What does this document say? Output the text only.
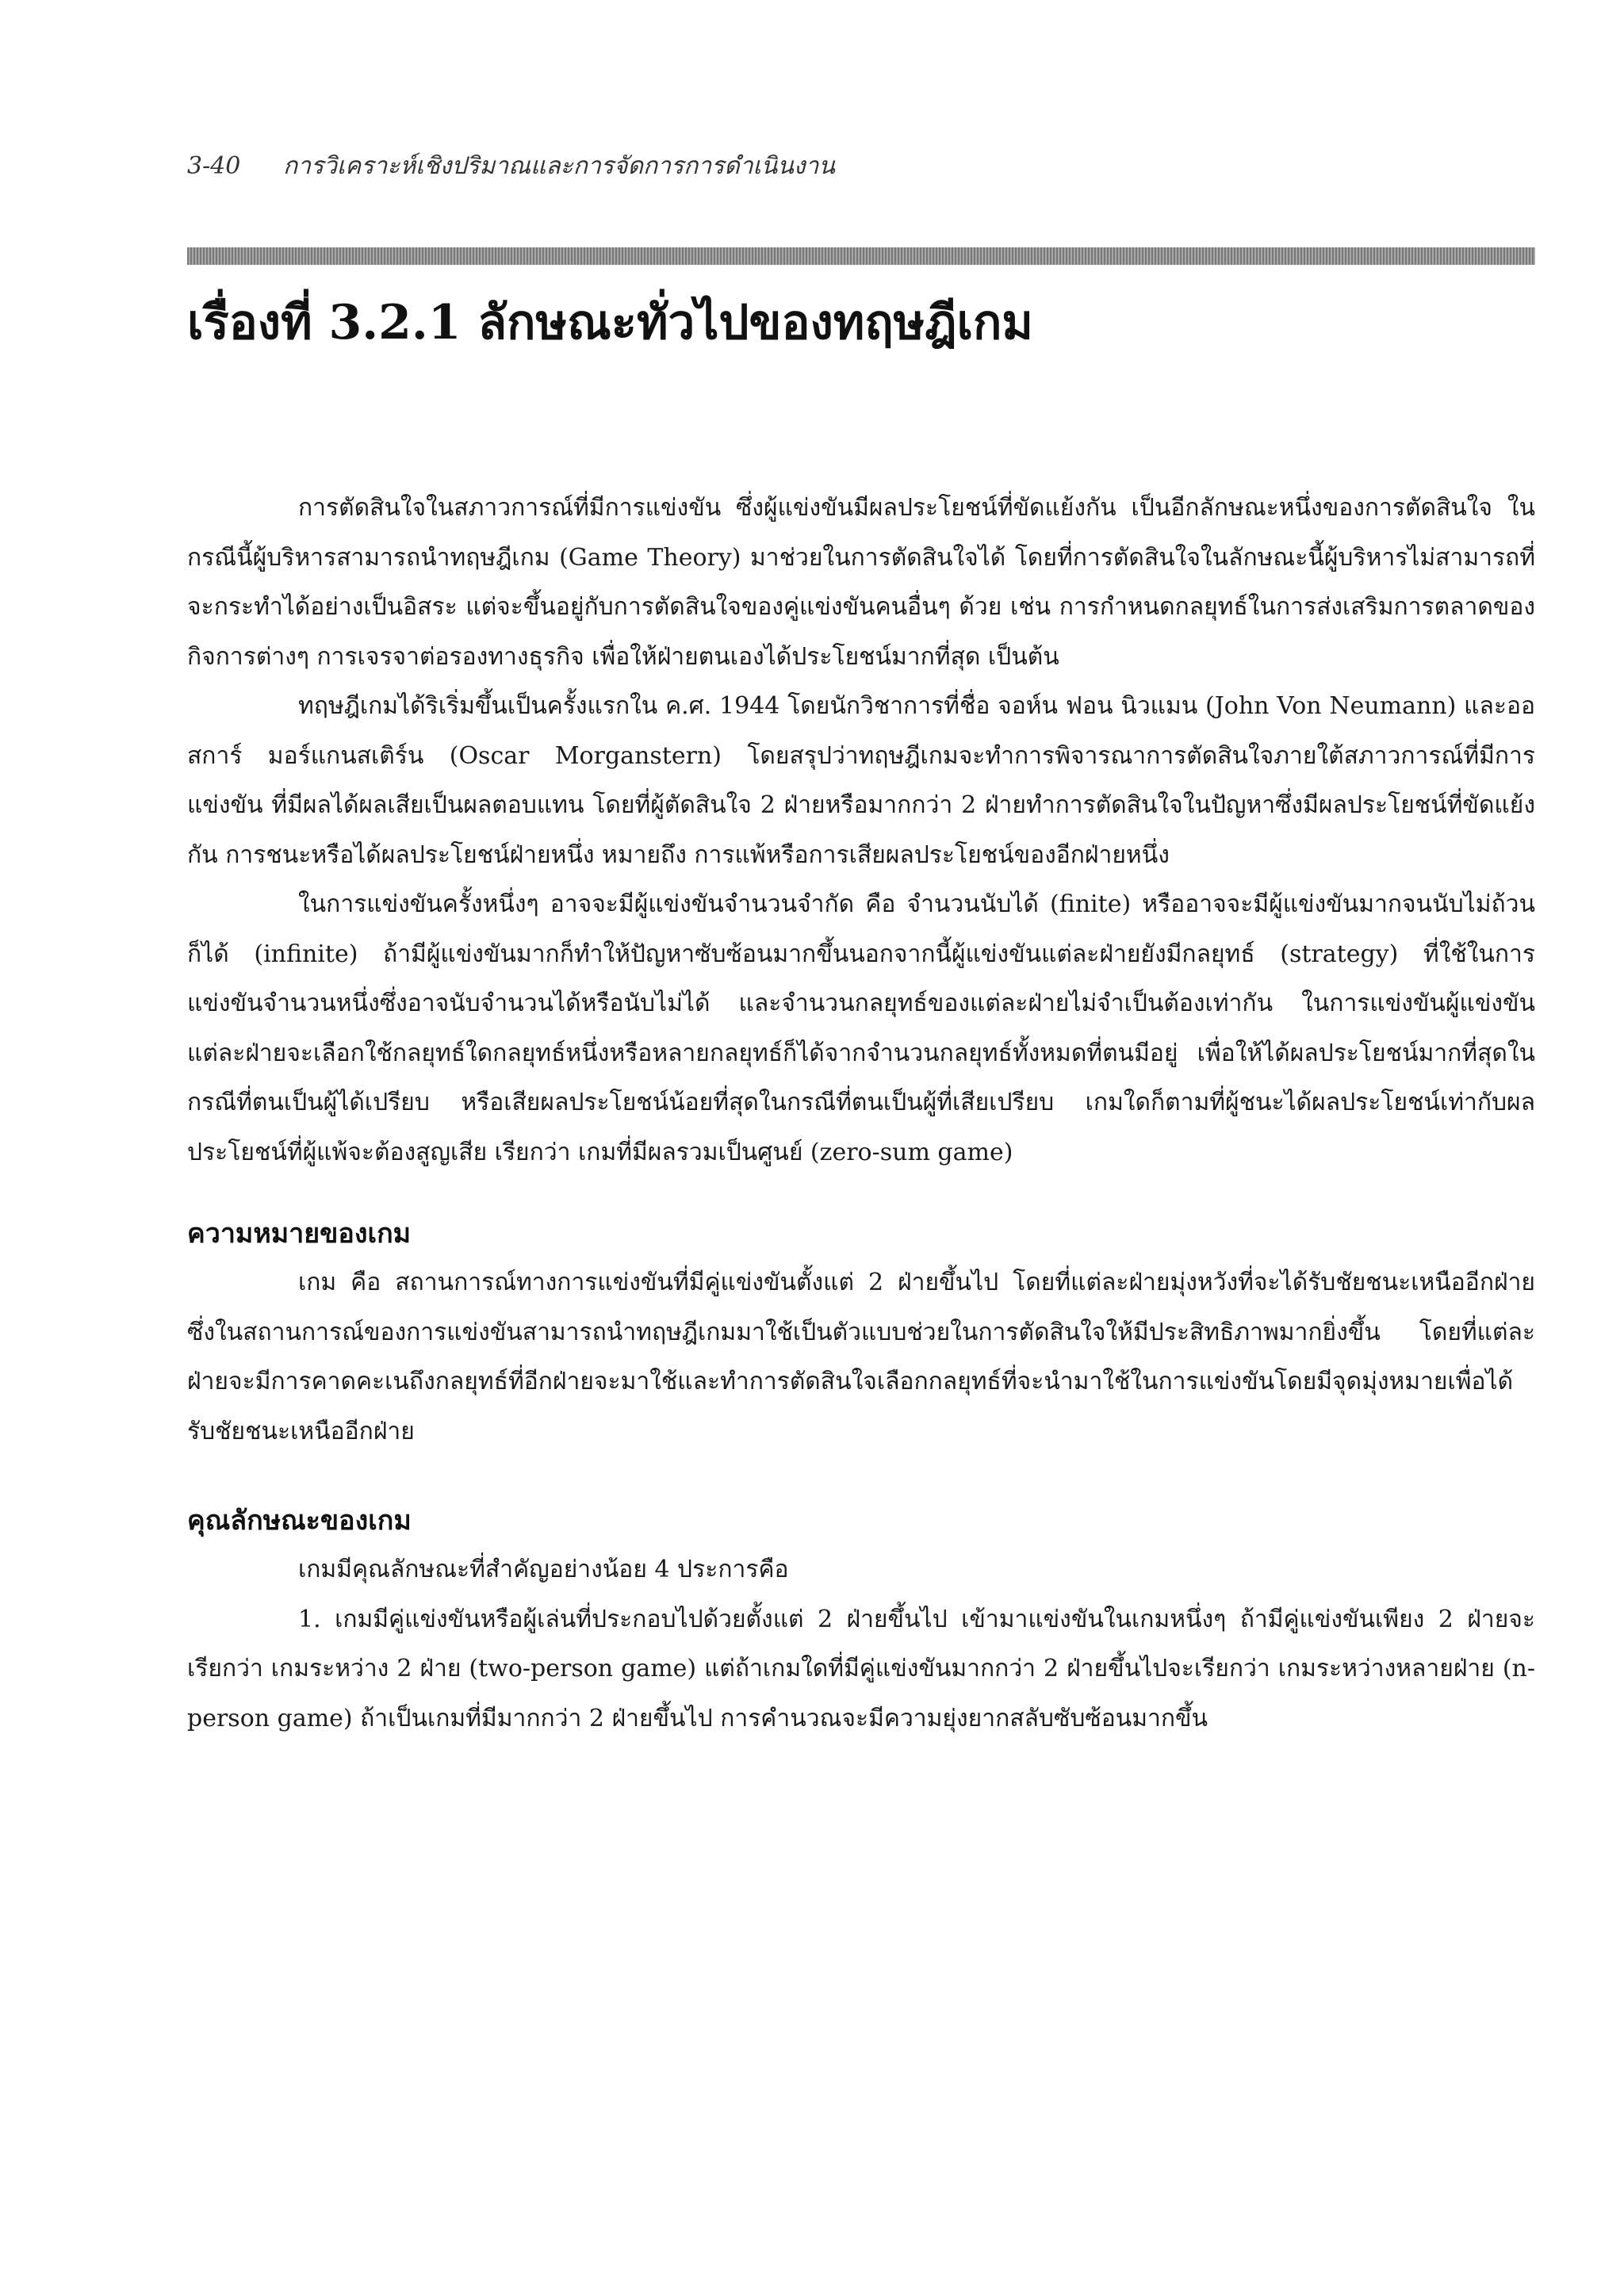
3-40 การวิเคราะห์เชิงปริมาณและการจัดการการดำเนินงาน
เรื่องที่ 3.2.1 ลักษณะทั่วไปของทฤษฎีเกม

การตัดสินใจในสภาวการณ์ที่มีการแข่งขัน ซึ่งผู้แข่งขันมีผลประโยชน์ที่ขัดแย้งกัน เป็นอีกลักษณะหนึ่งของการตัดสินใจ ในกรณีนี้ผู้บริหารสามารถนำทฤษฎีเกม (Game Theory) มาช่วยในการตัดสินใจได้ โดยที่การตัดสินใจในลักษณะนี้ผู้บริหารไม่สามารถที่จะกระทำได้อย่างเป็นอิสระ แต่จะขึ้นอยู่กับการตัดสินใจของคู่แข่งขันคนอื่นๆ ด้วย เช่น การกำหนดกลยุทธ์ในการส่งเสริมการตลาดของกิจการต่างๆ การเจรจาต่อรองทางธุรกิจ เพื่อให้ฝ่ายตนเองได้ประโยชน์มากที่สุด เป็นต้น

ทฤษฎีเกมได้ริเริ่มขึ้นเป็นครั้งแรกใน ค.ศ. 1944 โดยนักวิชาการที่ชื่อ จอห์น ฟอน นิวแมน (John Von Neumann) และออสการ์ มอร์แกนสเติร์น (Oscar Morganstern) โดยสรุปว่าทฤษฎีเกมจะทำการพิจารณาการตัดสินใจภายใต้สภาวการณ์ที่มีการแข่งขัน ที่มีผลได้ผลเสียเป็นผลตอบแทน โดยที่ผู้ตัดสินใจ 2 ฝ่ายหรือมากกว่า 2 ฝ่ายทำการตัดสินใจในปัญหาซึ่งมีผลประโยชน์ที่ขัดแย้งกัน การชนะหรือได้ผลประโยชน์ฝ่ายหนึ่ง หมายถึง การแพ้หรือการเสียผลประโยชน์ของอีกฝ่ายหนึ่ง

ในการแข่งขันครั้งหนึ่งๆ อาจจะมีผู้แข่งขันจำนวนจำกัด คือ จำนวนนับได้ (finite) หรืออาจจะมีผู้แข่งขันมากจนนับไม่ถ้วนก็ได้ (infinite) ถ้ามีผู้แข่งขันมากก็ทำให้ปัญหาซับซ้อนมากขึ้นนอกจากนี้ผู้แข่งขันแต่ละฝ่ายยังมีกลยุทธ์ (strategy) ที่ใช้ในการแข่งขันจำนวนหนึ่งซึ่งอาจนับจำนวนได้หรือนับไม่ได้ และจำนวนกลยุทธ์ของแต่ละฝ่ายไม่จำเป็นต้องเท่ากัน ในการแข่งขันผู้แข่งขันแต่ละฝ่ายจะเลือกใช้กลยุทธ์ใดกลยุทธ์หนึ่งหรือหลายกลยุทธ์ก็ได้จากจำนวนกลยุทธ์ทั้งหมดที่ตนมีอยู่ เพื่อให้ได้ผลประโยชน์มากที่สุดในกรณีที่ตนเป็นผู้ได้เปรียบ หรือเสียผลประโยชน์น้อยที่สุดในกรณีที่ตนเป็นผู้ที่เสียเปรียบ เกมใดก็ตามที่ผู้ชนะได้ผลประโยชน์เท่ากับผลประโยชน์ที่ผู้แพ้จะต้องสูญเสีย เรียกว่า เกมที่มีผลรวมเป็นศูนย์ (zero-sum game)

ความหมายของเกม

เกม คือ สถานการณ์ทางการแข่งขันที่มีคู่แข่งขันตั้งแต่ 2 ฝ่ายขึ้นไป โดยที่แต่ละฝ่ายมุ่งหวังที่จะได้รับชัยชนะเหนืออีกฝ่าย ซึ่งในสถานการณ์ของการแข่งขันสามารถนำทฤษฎีเกมมาใช้เป็นตัวแบบช่วยในการตัดสินใจให้มีประสิทธิภาพมากยิ่งขึ้น โดยที่แต่ละฝ่ายจะมีการคาดคะเนถึงกลยุทธ์ที่อีกฝ่ายจะมาใช้และทำการตัดสินใจเลือกกลยุทธ์ที่จะนำมาใช้ในการแข่งขันโดยมีจุดมุ่งหมายเพื่อได้รับชัยชนะเหนืออีกฝ่าย

คุณลักษณะของเกม

เกมมีคุณลักษณะที่สำคัญอย่างน้อย 4 ประการคือ

1. เกมมีคู่แข่งขันหรือผู้เล่นที่ประกอบไปด้วยตั้งแต่ 2 ฝ่ายขึ้นไป เข้ามาแข่งขันในเกมหนึ่งๆ ถ้ามีคู่แข่งขันเพียง 2 ฝ่ายจะเรียกว่า เกมระหว่าง 2 ฝ่าย (two-person game) แต่ถ้าเกมใดที่มีคู่แข่งขันมากกว่า 2 ฝ่ายขึ้นไปจะเรียกว่า เกมระหว่างหลายฝ่าย (n-person game) ถ้าเป็นเกมที่มีมากกว่า 2 ฝ่ายขึ้นไป การคำนวณจะมีความยุ่งยากสลับซับซ้อนมากขึ้น
